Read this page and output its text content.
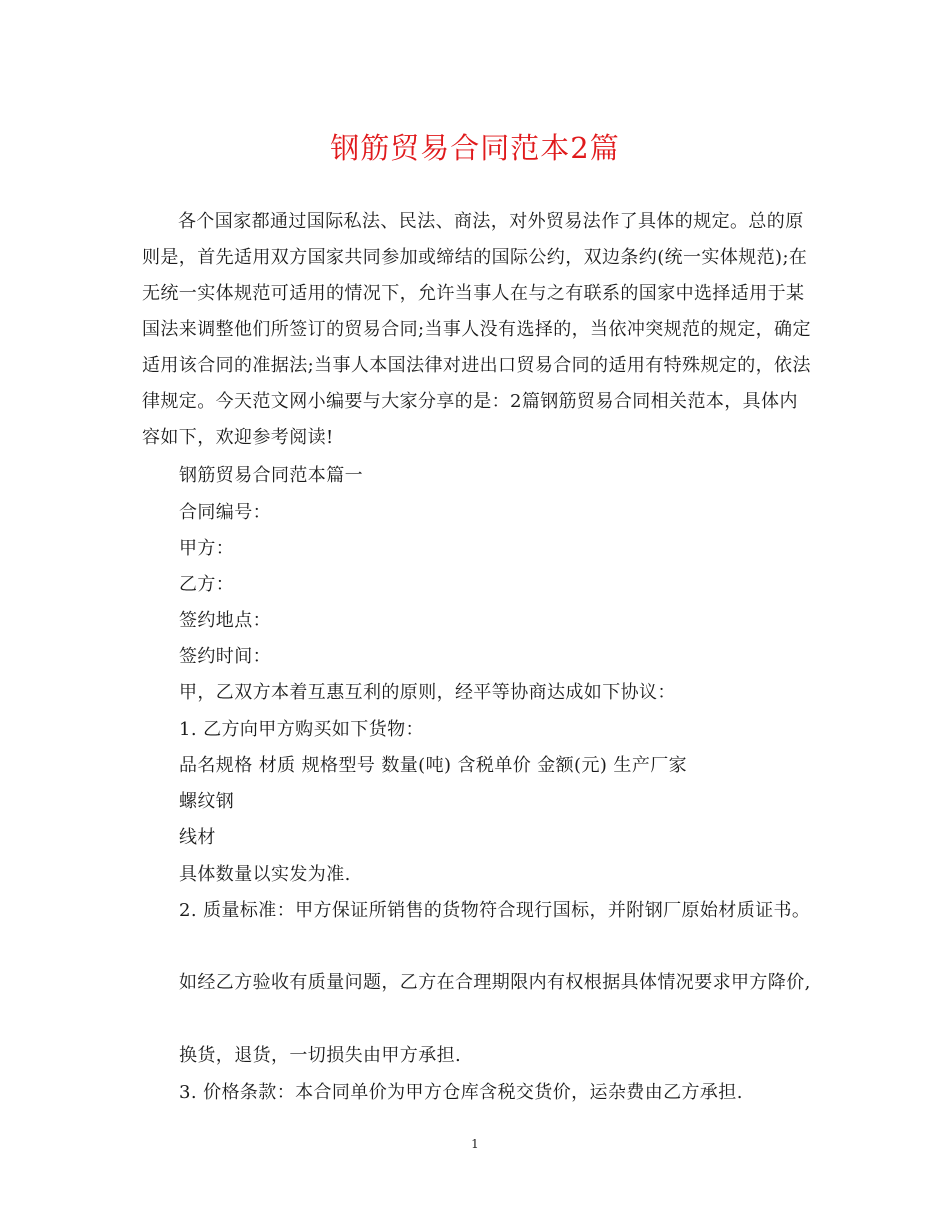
钢筋贸易合同范本2篇
各个国家都通过国际私法、民法、商法，对外贸易法作了具体的规定。总的原则是，首先适用双方国家共同参加或缔结的国际公约，双边条约(统一实体规范);在无统一实体规范可适用的情况下，允许当事人在与之有联系的国家中选择适用于某国法来调整他们所签订的贸易合同;当事人没有选择的，当依冲突规范的规定，确定适用该合同的准据法;当事人本国法律对进出口贸易合同的适用有特殊规定的，依法律规定。今天范文网小编要与大家分享的是：2篇钢筋贸易合同相关范本，具体内容如下，欢迎参考阅读!
钢筋贸易合同范本篇一
合同编号：
甲方：
乙方：
签约地点：
签约时间：
甲，乙双方本着互惠互利的原则，经平等协商达成如下协议：
1. 乙方向甲方购买如下货物：
品名规格 材质 规格型号 数量(吨) 含税单价 金额(元) 生产厂家
螺纹钢
线材
具体数量以实发为准.
2. 质量标准：甲方保证所销售的货物符合现行国标，并附钢厂原始材质证书。
如经乙方验收有质量问题，乙方在合理期限内有权根据具体情况要求甲方降价,
换货，退货，一切损失由甲方承担.
3. 价格条款：本合同单价为甲方仓库含税交货价，运杂费由乙方承担.
1
